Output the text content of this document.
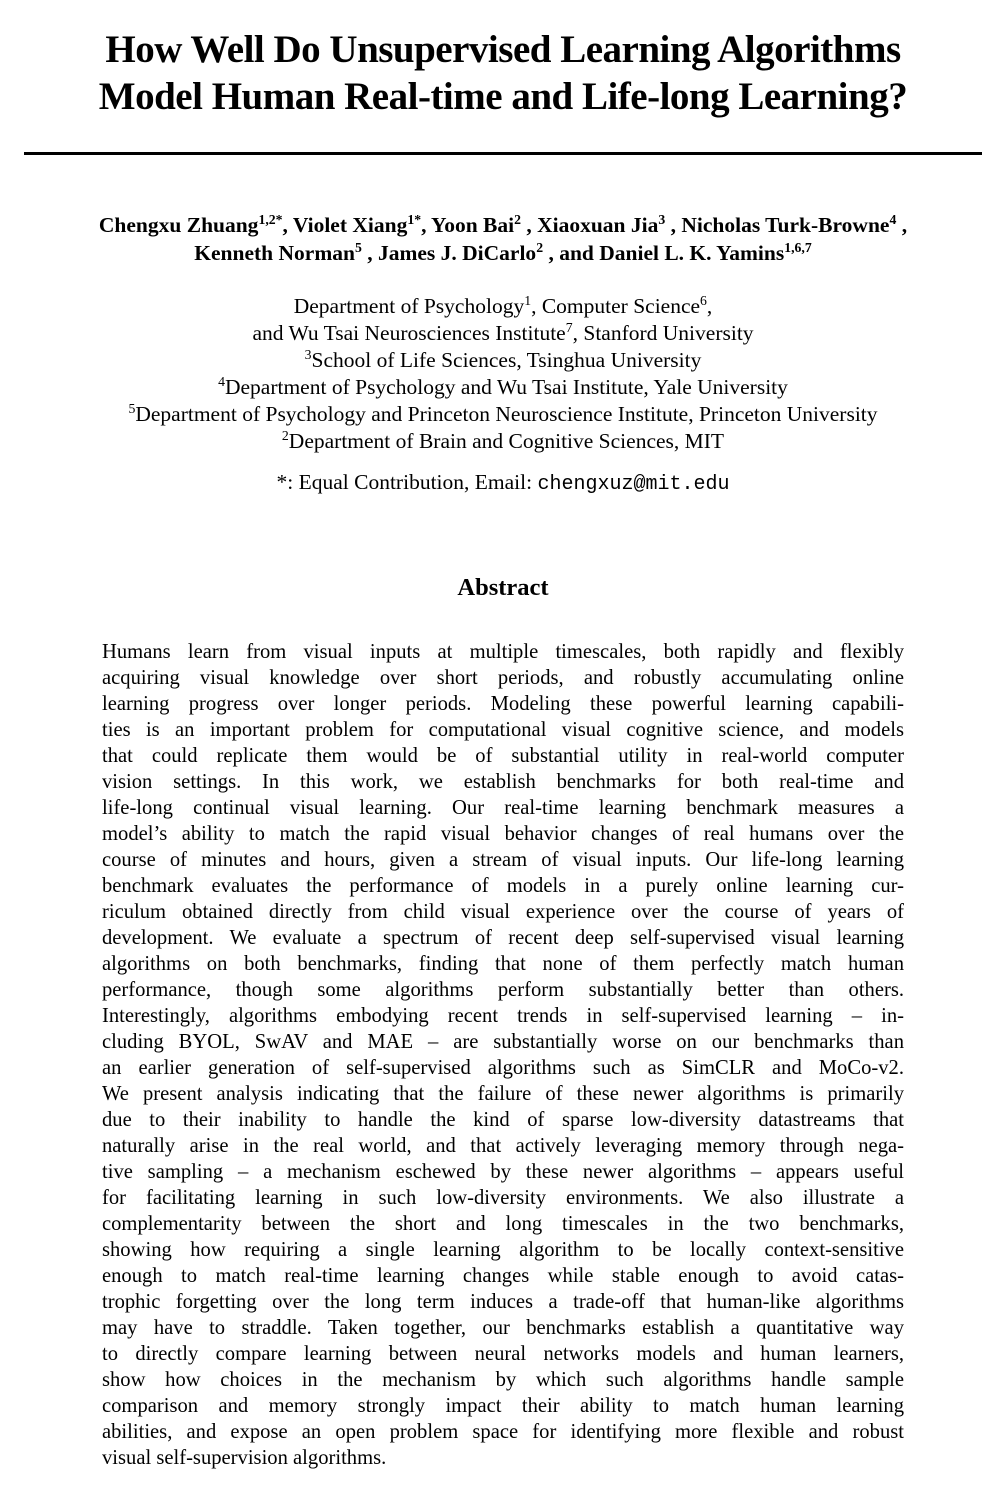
How Well Do Unsupervised Learning Algorithms
Model Human Real-time and Life-long Learning?
Chengxu Zhuang$^{1,2*}$, Violet Xiang$^{1*}$, Yoon Bai$^2$ , Xiaoxuan Jia$^3$ , Nicholas Turk-Browne$^4$ ,
Kenneth Norman$^5$ , James J. DiCarlo$^2$ , and Daniel L. K. Yamins$^{1,6,7}$
Department of Psychology$^1$, Computer Science$^6$,
and Wu Tsai Neurosciences Institute$^7$, Stanford University
$^3$School of Life Sciences, Tsinghua University
$^4$Department of Psychology and Wu Tsai Institute, Yale University
$^5$Department of Psychology and Princeton Neuroscience Institute, Princeton University
$^2$Department of Brain and Cognitive Sciences, MIT
*: Equal Contribution, Email: chengxuz@mit.edu
Abstract
Humans learn from visual inputs at multiple timescales, both rapidly and flexibly
acquiring visual knowledge over short periods, and robustly accumulating online
learning progress over longer periods. Modeling these powerful learning capabili-
ties is an important problem for computational visual cognitive science, and models
that could replicate them would be of substantial utility in real-world computer
vision settings. In this work, we establish benchmarks for both real-time and
life-long continual visual learning. Our real-time learning benchmark measures a
model’s ability to match the rapid visual behavior changes of real humans over the
course of minutes and hours, given a stream of visual inputs. Our life-long learning
benchmark evaluates the performance of models in a purely online learning cur-
riculum obtained directly from child visual experience over the course of years of
development. We evaluate a spectrum of recent deep self-supervised visual learning
algorithms on both benchmarks, finding that none of them perfectly match human
performance, though some algorithms perform substantially better than others.
Interestingly, algorithms embodying recent trends in self-supervised learning – in-
cluding BYOL, SwAV and MAE – are substantially worse on our benchmarks than
an earlier generation of self-supervised algorithms such as SimCLR and MoCo-v2.
We present analysis indicating that the failure of these newer algorithms is primarily
due to their inability to handle the kind of sparse low-diversity datastreams that
naturally arise in the real world, and that actively leveraging memory through nega-
tive sampling – a mechanism eschewed by these newer algorithms – appears useful
for facilitating learning in such low-diversity environments. We also illustrate a
complementarity between the short and long timescales in the two benchmarks,
showing how requiring a single learning algorithm to be locally context-sensitive
enough to match real-time learning changes while stable enough to avoid catas-
trophic forgetting over the long term induces a trade-off that human-like algorithms
may have to straddle. Taken together, our benchmarks establish a quantitative way
to directly compare learning between neural networks models and human learners,
show how choices in the mechanism by which such algorithms handle sample
comparison and memory strongly impact their ability to match human learning
abilities, and expose an open problem space for identifying more flexible and robust
visual self-supervision algorithms.
